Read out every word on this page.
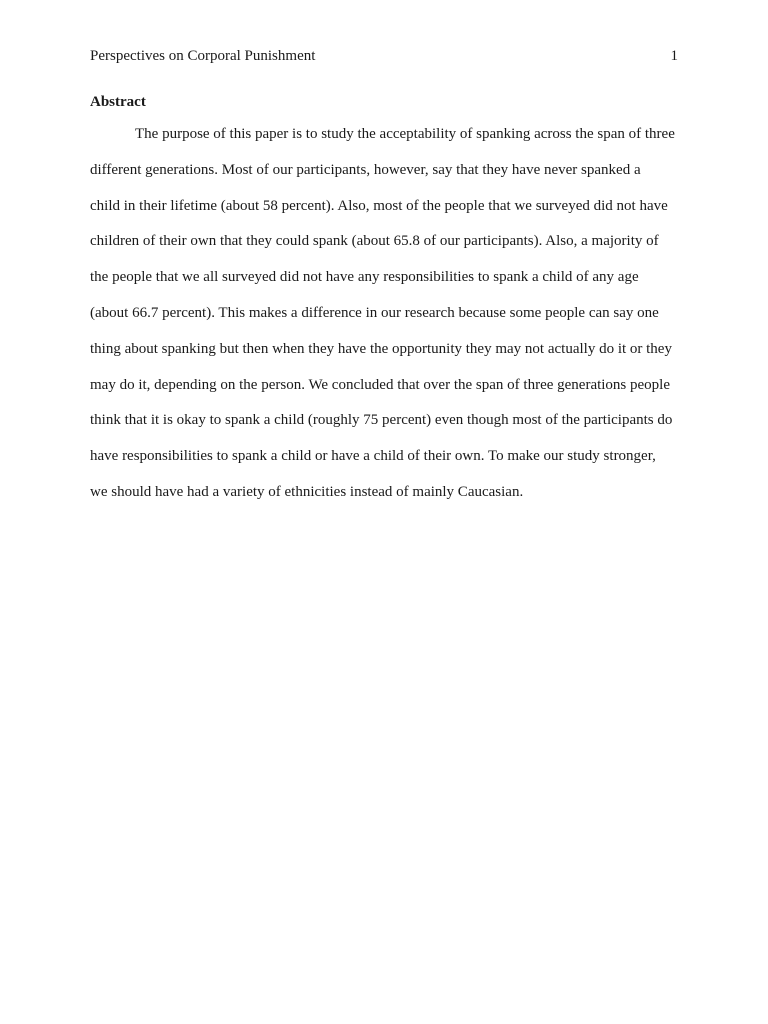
Perspectives on Corporal Punishment	1
Abstract
The purpose of this paper is to study the acceptability of spanking across the span of three
different generations. Most of our participants, however, say that they have never spanked a
child in their lifetime (about 58 percent). Also, most of the people that we surveyed did not have
children of their own that they could spank (about 65.8 of our participants). Also, a majority of
the people that we all surveyed did not have any responsibilities to spank a child of any age
(about 66.7 percent). This makes a difference in our research because some people can say one
thing about spanking but then when they have the opportunity they may not actually do it or they
may do it, depending on the person. We concluded that over the span of three generations people
think that it is okay to spank a child (roughly 75 percent) even though most of the participants do
have responsibilities to spank a child or have a child of their own. To make our study stronger,
we should have had a variety of ethnicities instead of mainly Caucasian.
